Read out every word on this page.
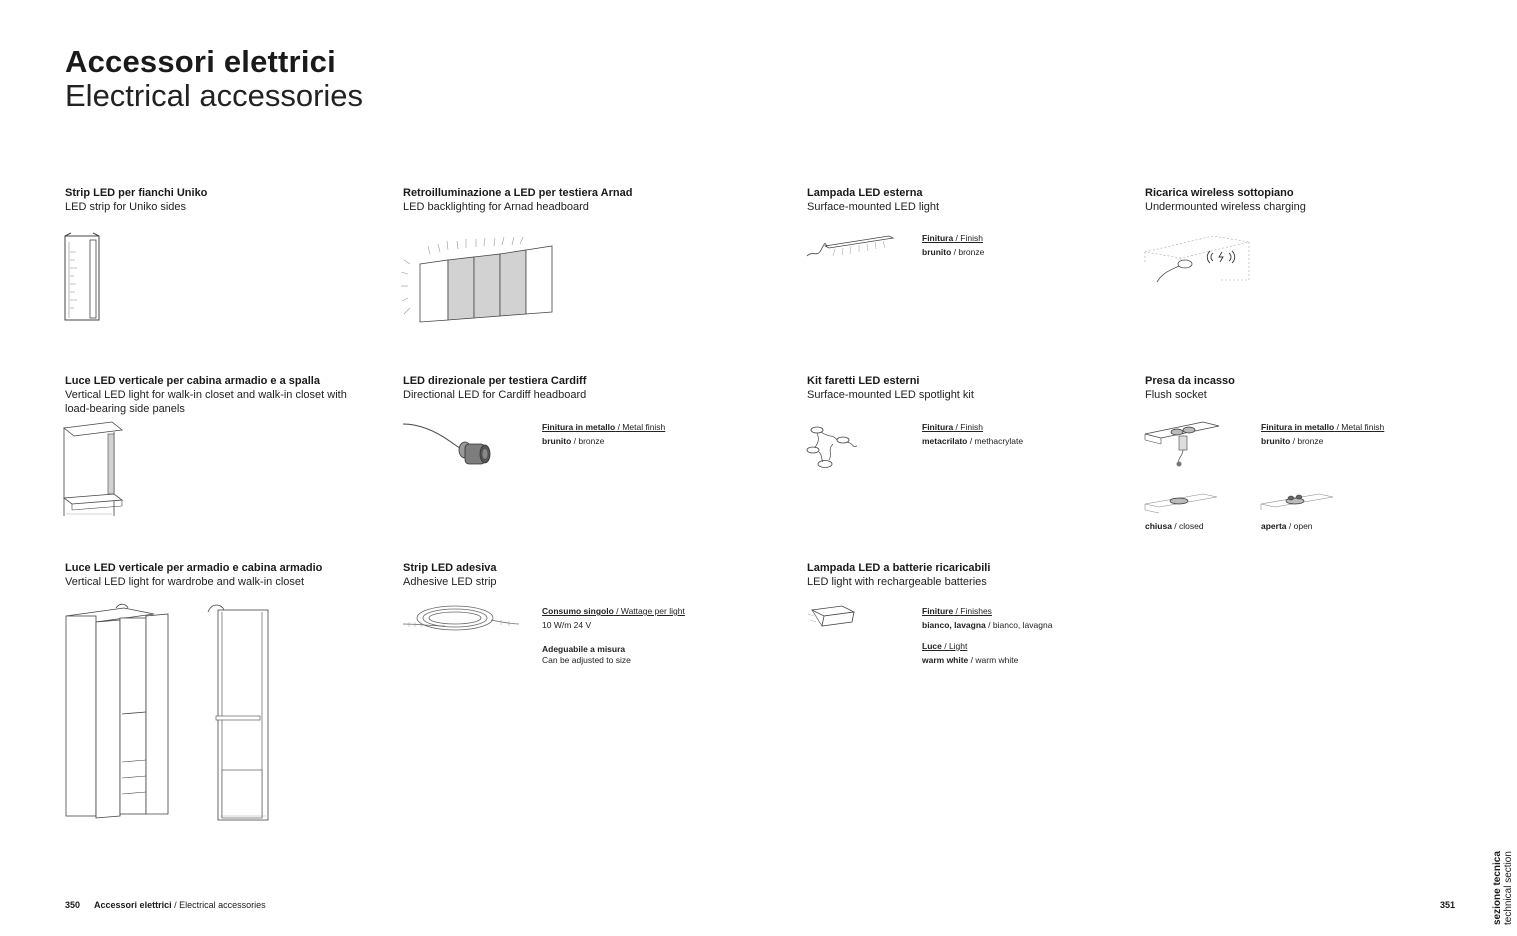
Accessori elettrici
Electrical accessories
Strip LED per fianchi Uniko
LED strip for Uniko sides
Retroilluminazione a LED per testiera Arnad
LED backlighting for Arnad headboard
Lampada LED esterna
Surface-mounted LED light
Finitura / Finish
brunito / bronze
Ricarica wireless sottopiano
Undermounted wireless charging
Luce LED verticale per cabina armadio e a spalla
Vertical LED light for walk-in closet and walk-in closet with load-bearing side panels
LED direzionale per testiera Cardiff
Directional LED for Cardiff headboard
Finitura in metallo / Metal finish
brunito / bronze
Kit faretti LED esterni
Surface-mounted LED spotlight kit
Finitura / Finish
metacrilato / methacrylate
Presa da incasso
Flush socket
Finitura in metallo / Metal finish
brunito / bronze
chiusa / closed	aperta / open
Luce LED verticale per armadio e cabina armadio
Vertical LED light for wardrobe and walk-in closet
Strip LED adesiva
Adhesive LED strip
Consumo singolo / Wattage per light
10 W/m 24 V
Adeguabile a misura
Can be adjusted to size
Lampada LED a batterie ricaricabili
LED light with rechargeable batteries
Finiture / Finishes
bianco, lavagna / bianco, lavagna
Luce / Light
warm white / warm white
350 Accessori elettrici / Electrical accessories	351	sezione tecnica technical section
